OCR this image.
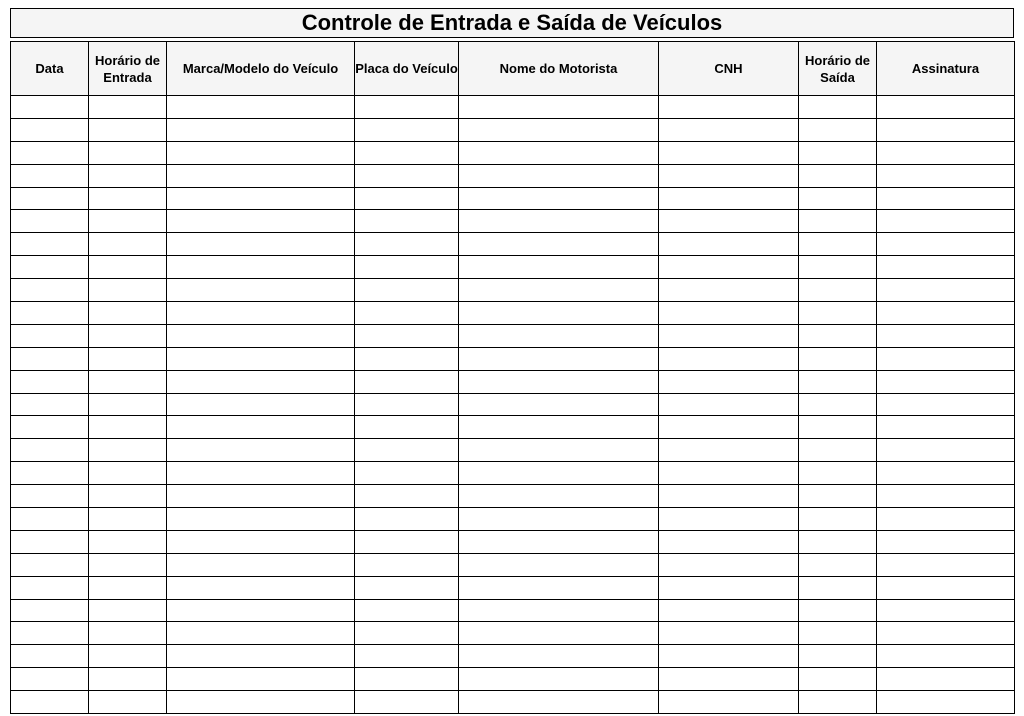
Controle de Entrada e Saída de Veículos
Data	Horário de Entrada	Marca/Modelo do Veículo	Placa do Veículo	Nome do Motorista	CNH	Horário de Saída	Assinatura
